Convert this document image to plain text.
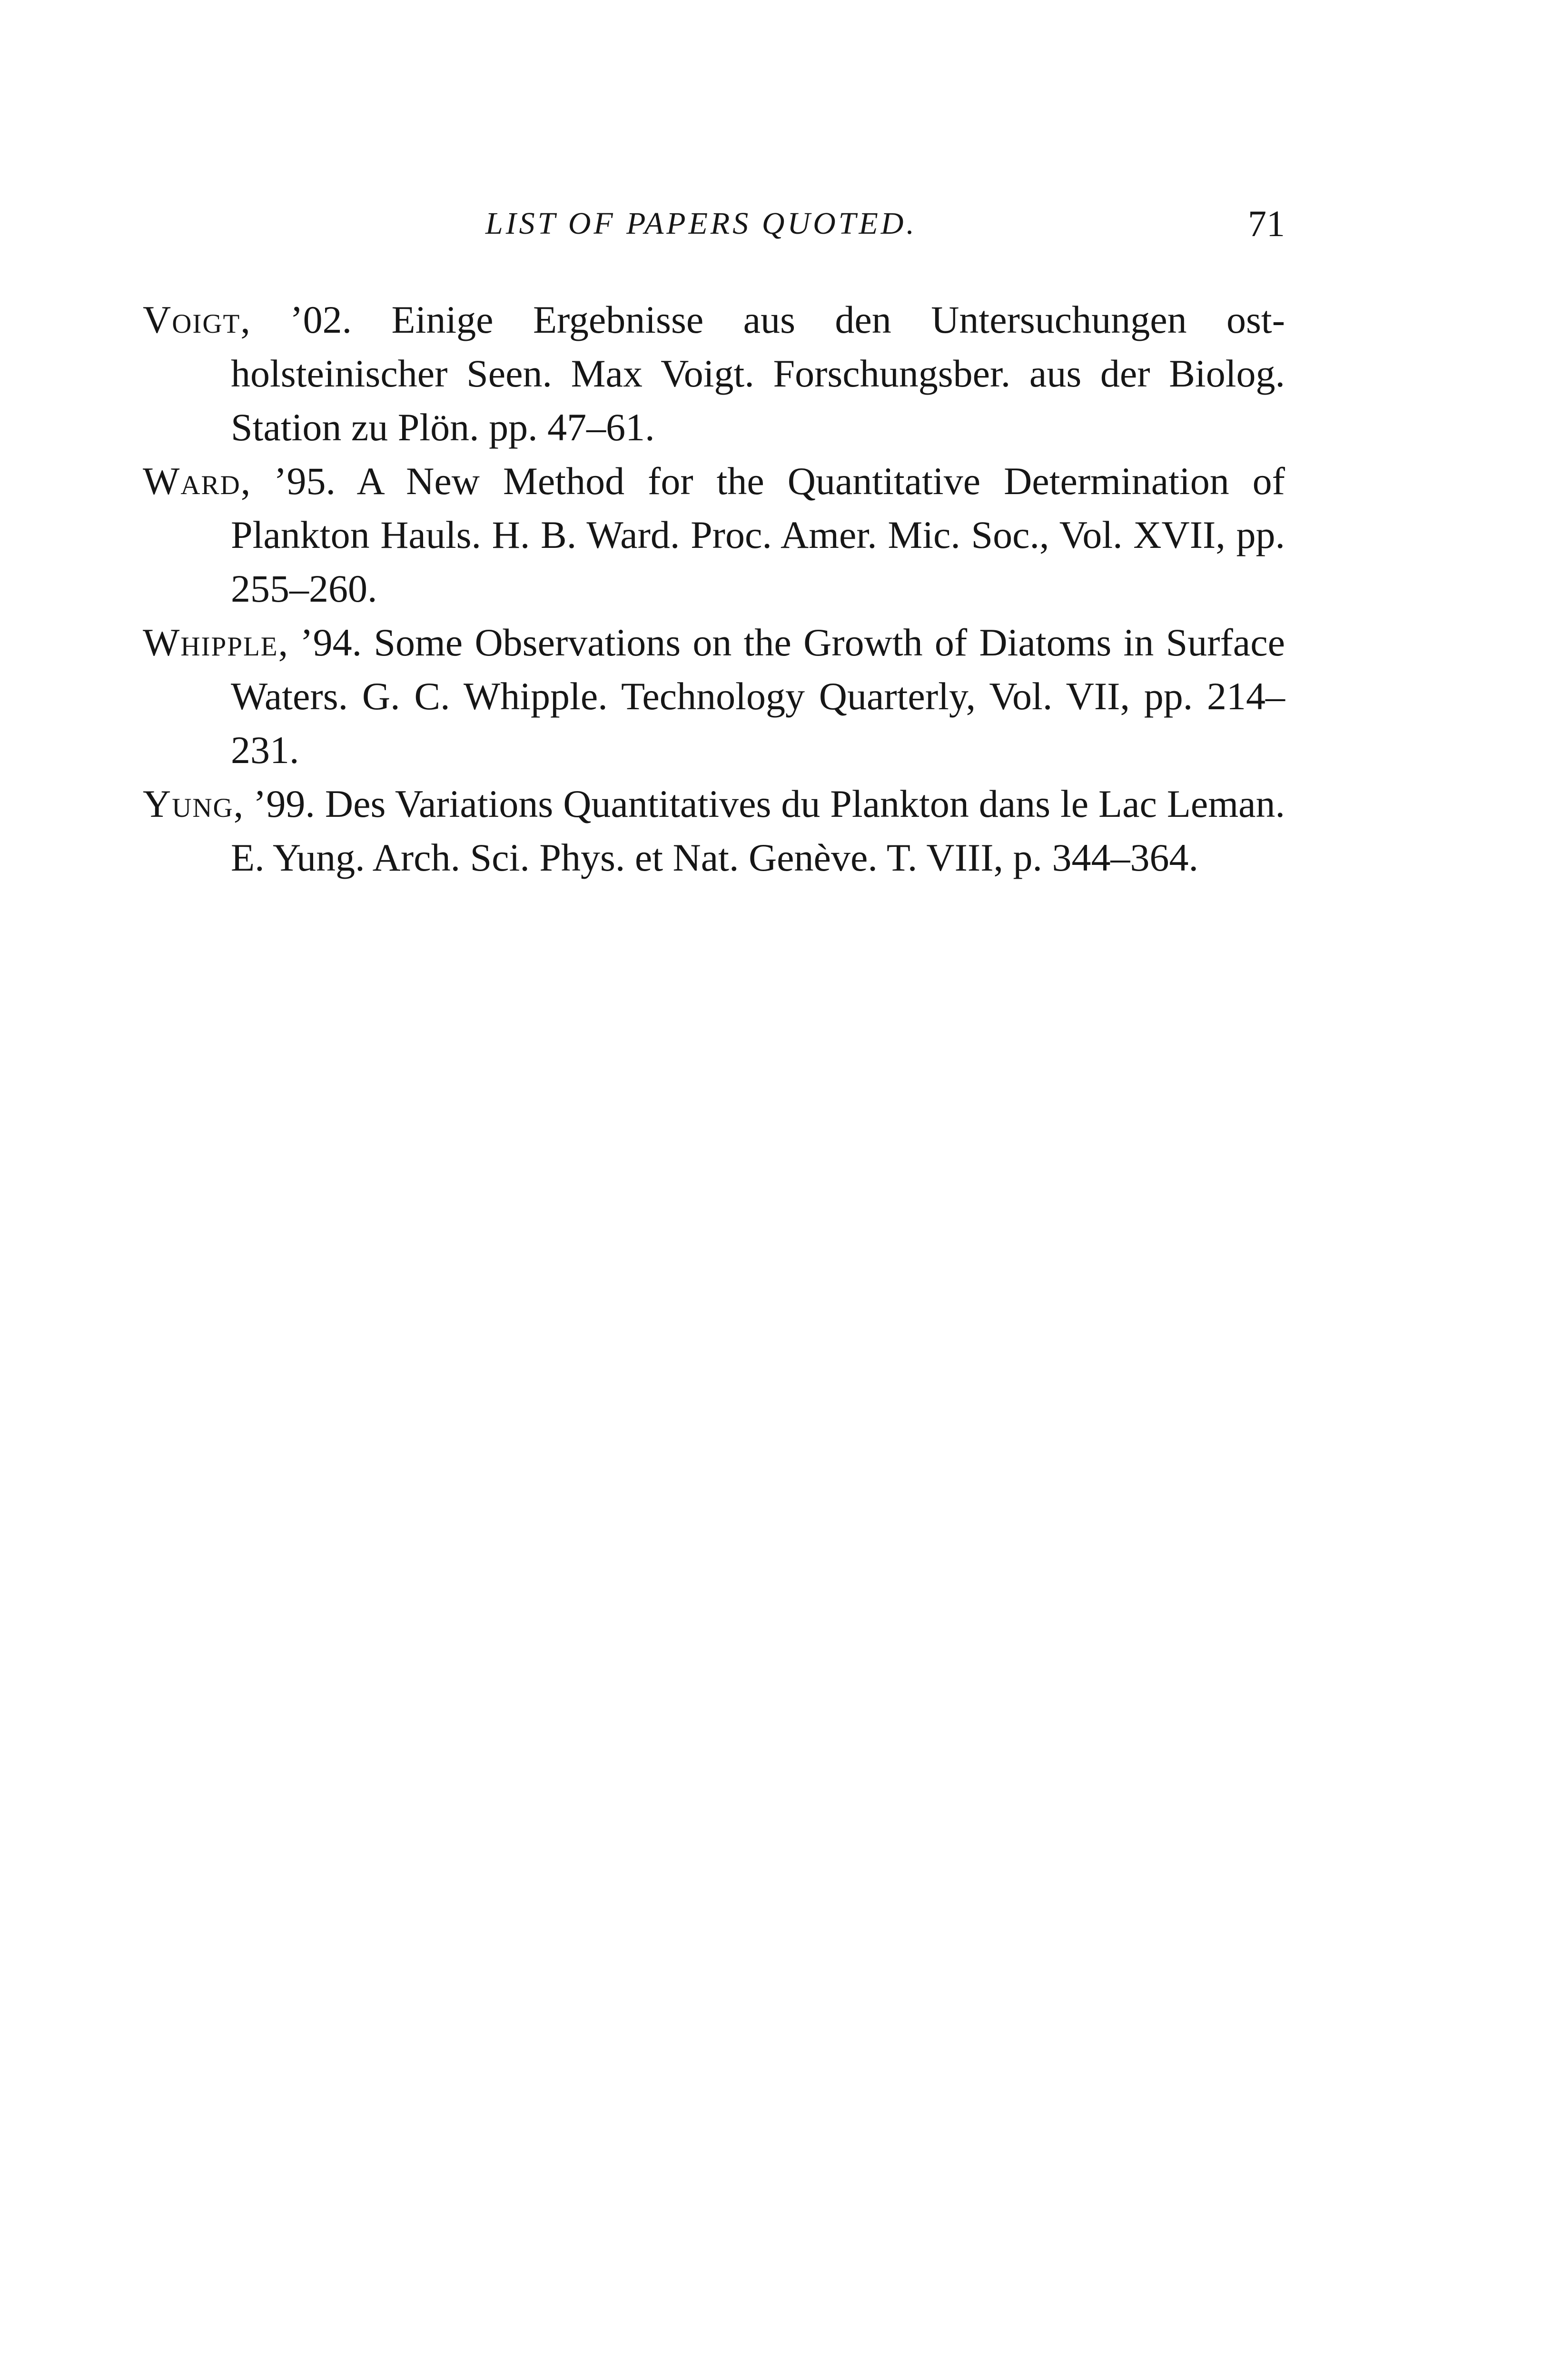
LIST OF PAPERS QUOTED.	71

Voigt, ’02. Einige Ergebnisse aus den Untersuchungen ost-holsteinischer Seen. Max Voigt. Forschungsber. aus der Biolog. Station zu Plön. pp. 47–61.

Ward, ’95. A New Method for the Quantitative Determination of Plankton Hauls. H. B. Ward. Proc. Amer. Mic. Soc., Vol. XVII, pp. 255–260.

Whipple, ’94. Some Observations on the Growth of Diatoms in Surface Waters. G. C. Whipple. Technology Quarterly, Vol. VII, pp. 214–231.

Yung, ’99. Des Variations Quantitatives du Plankton dans le Lac Leman. E. Yung. Arch. Sci. Phys. et Nat. Genève. T. VIII, p. 344–364.
